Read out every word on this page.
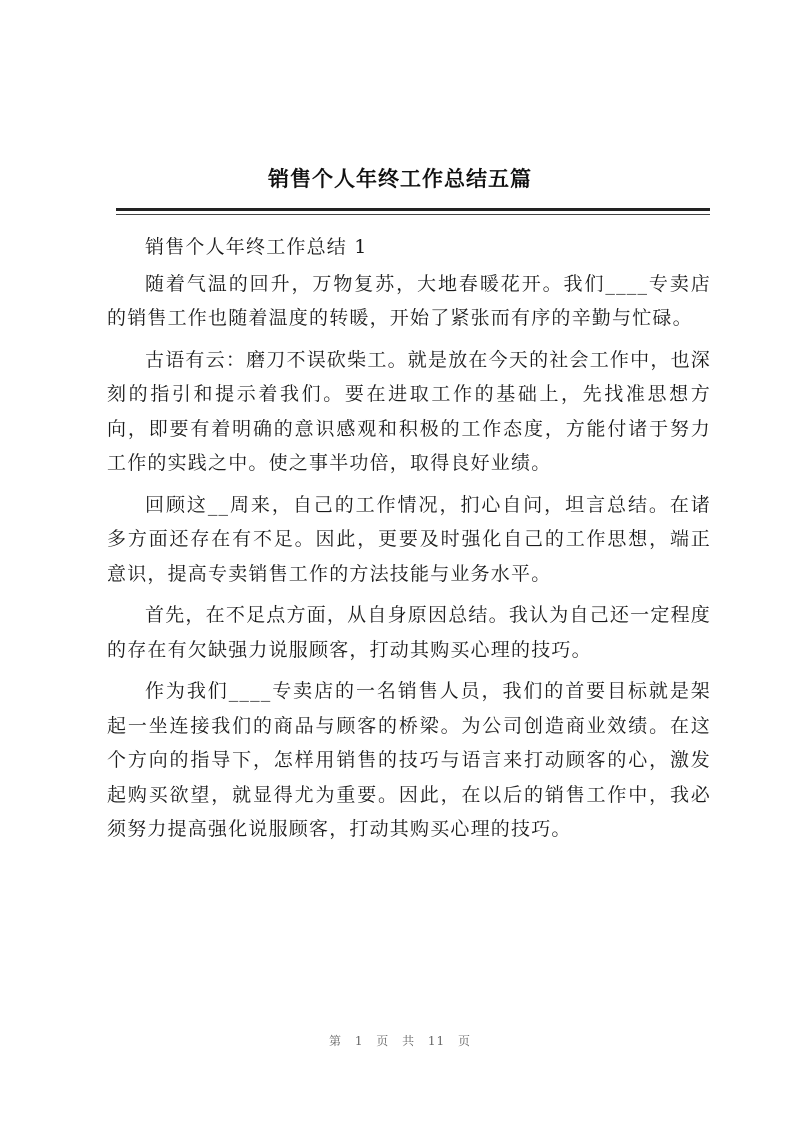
销售个人年终工作总结五篇

销售个人年终工作总结 1

随着气温的回升，万物复苏，大地春暖花开。我们____专卖店的销售工作也随着温度的转暖，开始了紧张而有序的辛勤与忙碌。

古语有云：磨刀不误砍柴工。就是放在今天的社会工作中，也深刻的指引和提示着我们。要在进取工作的基础上，先找准思想方向，即要有着明确的意识感观和积极的工作态度，方能付诸于努力工作的实践之中。使之事半功倍，取得良好业绩。

回顾这__周来，自己的工作情况，扪心自问，坦言总结。在诸多方面还存在有不足。因此，更要及时强化自己的工作思想，端正意识，提高专卖销售工作的方法技能与业务水平。

首先，在不足点方面，从自身原因总结。我认为自己还一定程度的存在有欠缺强力说服顾客，打动其购买心理的技巧。

作为我们____专卖店的一名销售人员，我们的首要目标就是架起一坐连接我们的商品与顾客的桥梁。为公司创造商业效绩。在这个方向的指导下，怎样用销售的技巧与语言来打动顾客的心，激发起购买欲望，就显得尤为重要。因此，在以后的销售工作中，我必须努力提高强化说服顾客，打动其购买心理的技巧。

第 1 页 共 11 页
